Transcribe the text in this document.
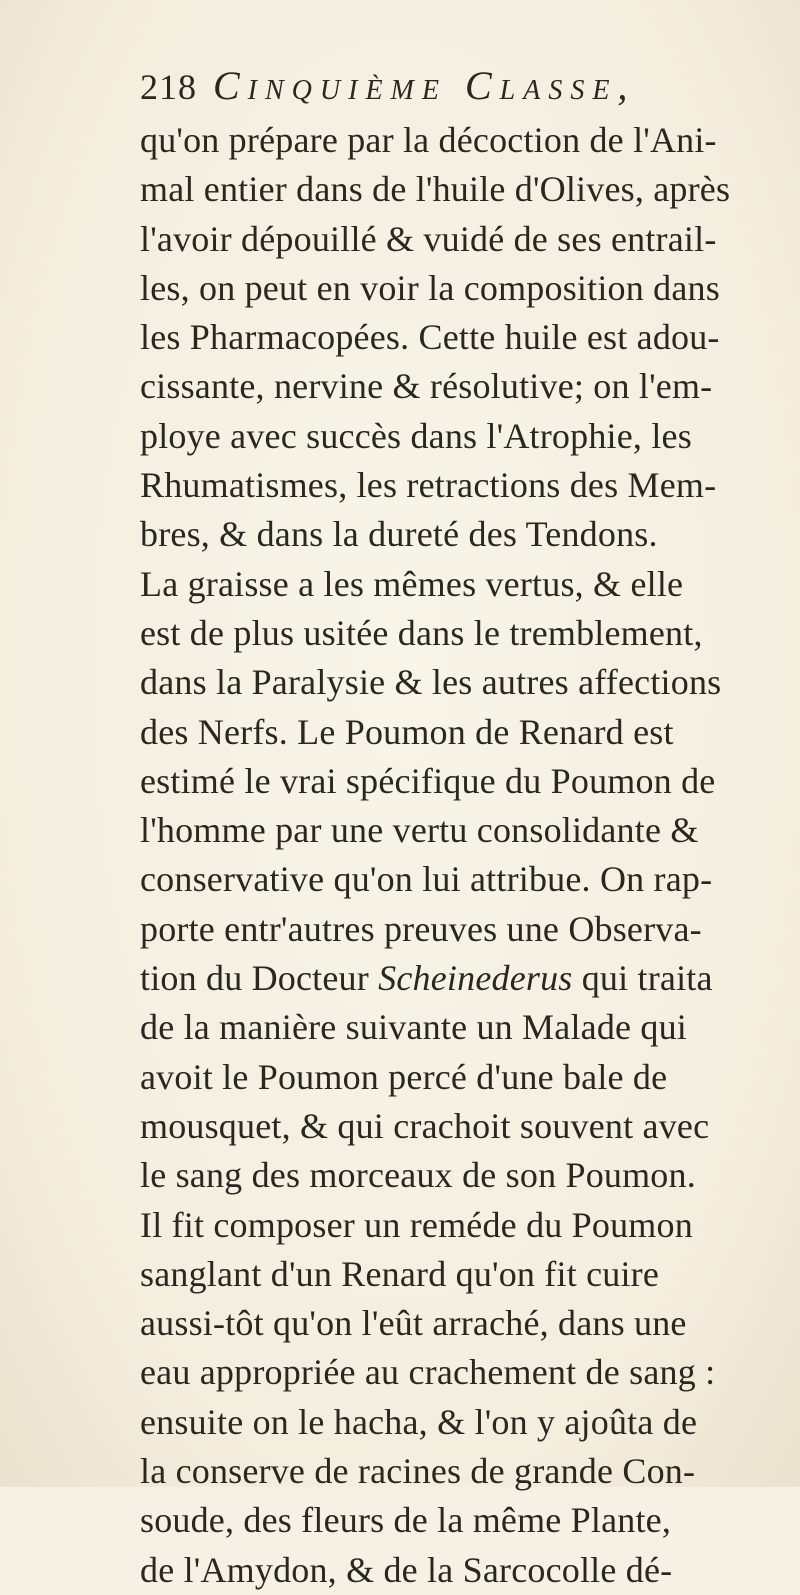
218 Cinquième Classe,
qu'on prépare par la décoction de l'Ani-
mal entier dans de l'huile d'Olives, après
l'avoir dépouillé & vuidé de ses entrail-
les, on peut en voir la composition dans
les Pharmacopées. Cette huile est adou-
cissante, nervine & résolutive; on l'em-
ploye avec succès dans l'Atrophie, les
Rhumatismes, les retractions des Mem-
bres, & dans la dureté des Tendons.
La graisse a les mêmes vertus, & elle
est de plus usitée dans le tremblement,
dans la Paralysie & les autres affections
des Nerfs. Le Poumon de Renard est
estimé le vrai spécifique du Poumon de
l'homme par une vertu consolidante &
conservative qu'on lui attribue. On rap-
porte entr'autres preuves une Observa-
tion du Docteur Scheinederus qui traita
de la manière suivante un Malade qui
avoit le Poumon percé d'une bale de
mousquet, & qui crachoit souvent avec
le sang des morceaux de son Poumon.
Il fit composer un reméde du Poumon
sanglant d'un Renard qu'on fit cuire
aussi-tôt qu'on l'eût arraché, dans une
eau appropriée au crachement de sang :
ensuite on le hacha, & l'on y ajoûta de
la conserve de racines de grande Con-
soude, des fleurs de la même Plante,
de l'Amydon, & de la Sarcocolle dé-
